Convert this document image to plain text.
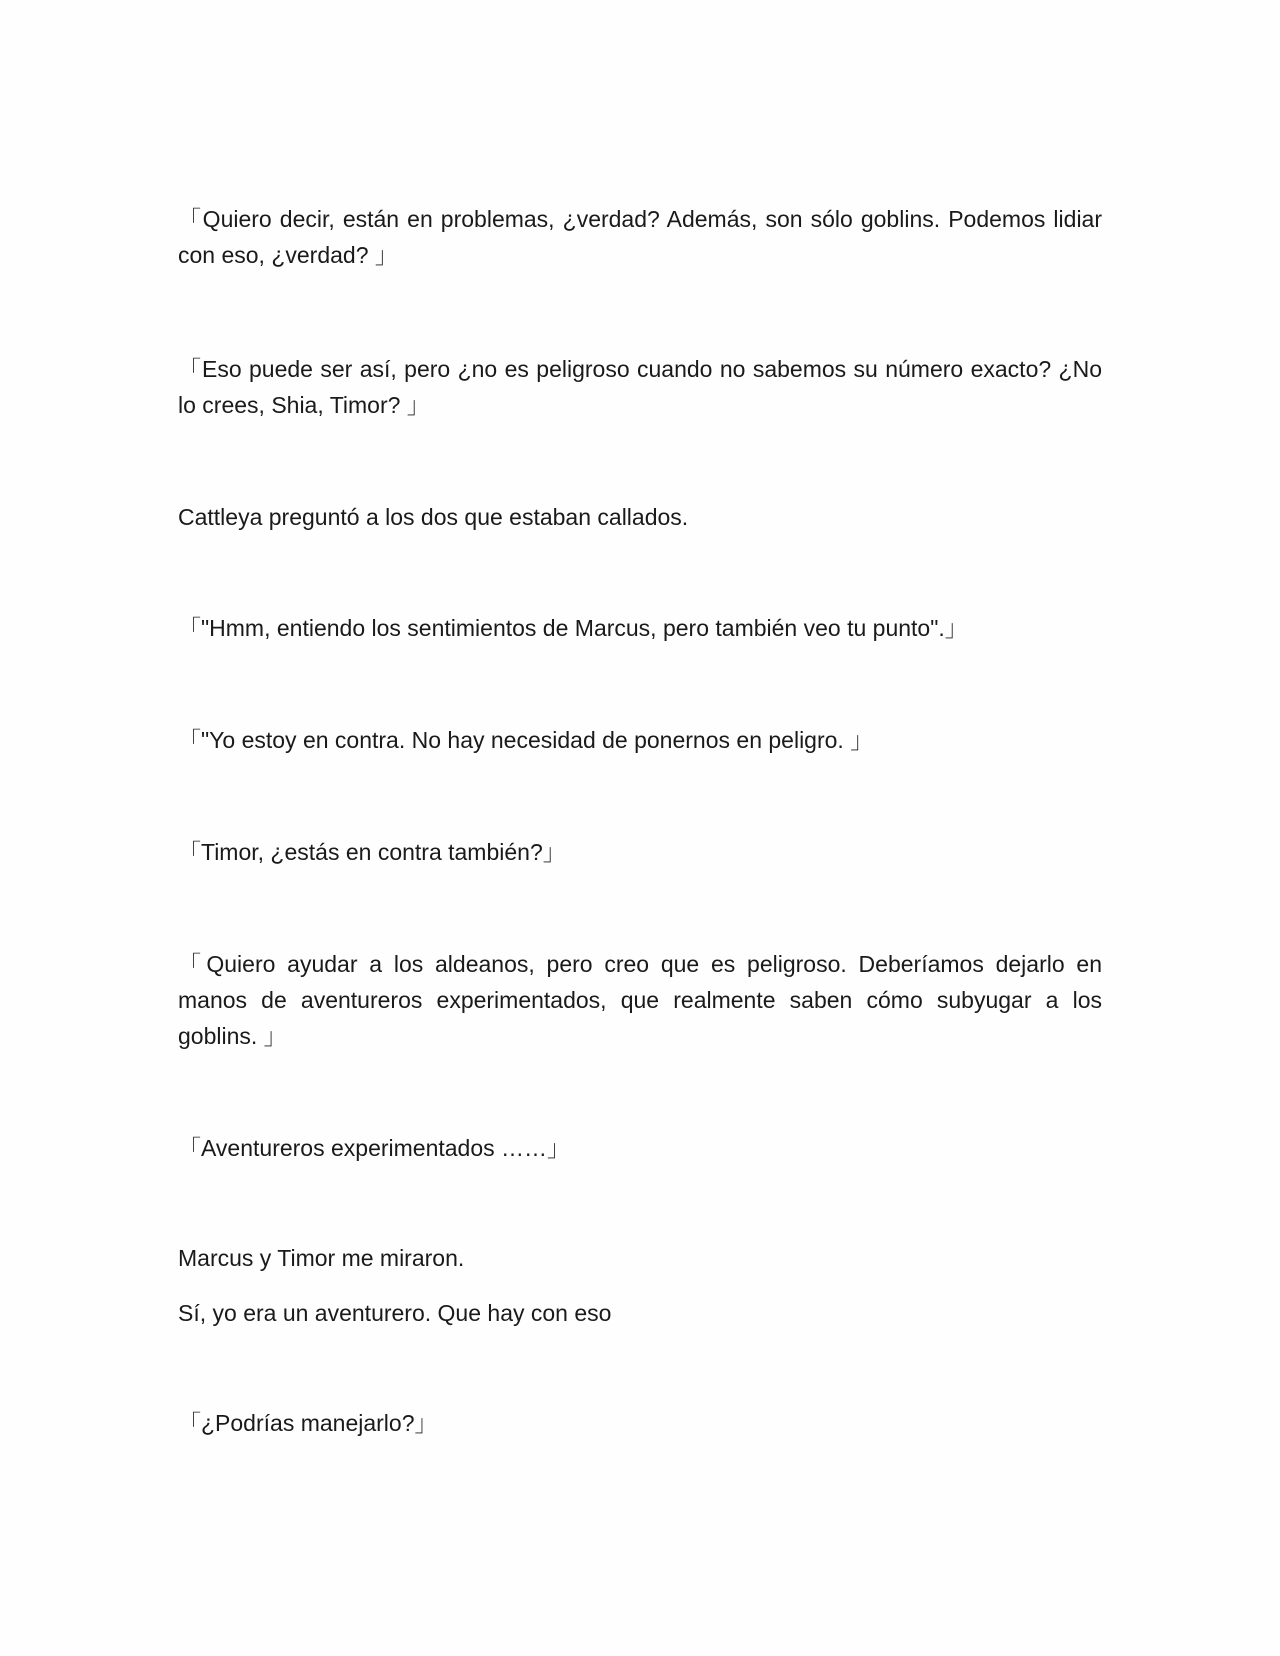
「Quiero decir, están en problemas, ¿verdad? Además, son sólo goblins. Podemos lidiar con eso, ¿verdad? 」

「Eso puede ser así, pero ¿no es peligroso cuando no sabemos su número exacto? ¿No lo crees, Shia, Timor? 」

Cattleya preguntó a los dos que estaban callados.

「"Hmm, entiendo los sentimientos de Marcus, pero también veo tu punto".」

「"Yo estoy en contra. No hay necesidad de ponernos en peligro. 」

「Timor, ¿estás en contra también?」

「Quiero ayudar a los aldeanos, pero creo que es peligroso. Deberíamos dejarlo en manos de aventureros experimentados, que realmente saben cómo subyugar a los goblins. 」

「Aventureros experimentados ……」

Marcus y Timor me miraron.

Sí, yo era un aventurero. Que hay con eso

「¿Podrías manejarlo?」
